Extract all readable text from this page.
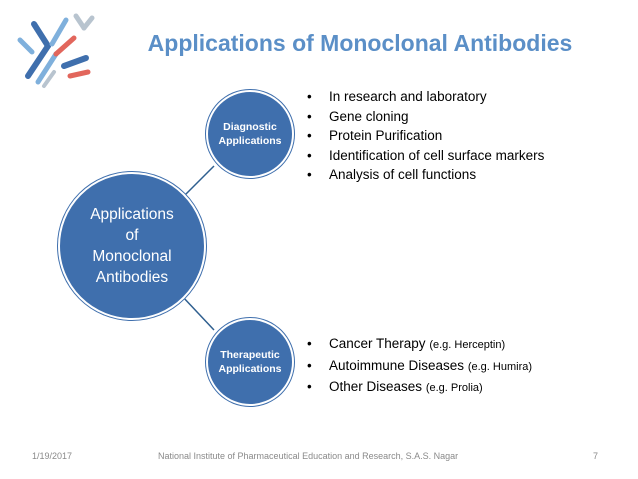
Applications of Monoclonal Antibodies
Applications
of
Monoclonal
Antibodies
Diagnostic
Applications
Therapeutic
Applications
• In research and laboratory
• Gene cloning
• Protein Purification
• Identification of cell surface markers
• Analysis of cell functions
• Cancer Therapy (e.g. Herceptin)
• Autoimmune Diseases (e.g. Humira)
• Other Diseases (e.g. Prolia)
1/19/2017	National Institute of Pharmaceutical Education and Research, S.A.S. Nagar	7
